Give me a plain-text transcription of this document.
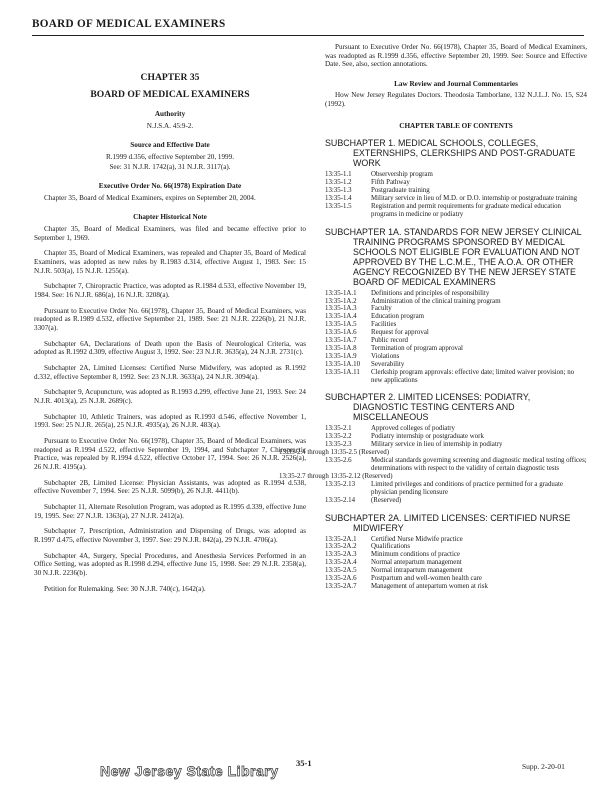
BOARD OF MEDICAL EXAMINERS
CHAPTER 35
BOARD OF MEDICAL EXAMINERS
Authority
N.J.S.A. 45:9-2.
Source and Effective Date
R.1999 d.356, effective September 20, 1999.
See: 31 N.J.R. 1742(a), 31 N.J.R. 3117(a).
Executive Order No. 66(1978) Expiration Date

Chapter 35, Board of Medical Examiners, expires on September 20, 2004.

Chapter Historical Note

Chapter 35, Board of Medical Examiners, was filed and became effective prior to September 1, 1969.

Chapter 35, Board of Medical Examiners, was repealed and Chapter 35, Board of Medical Examiners, was adopted as new rules by R.1983 d.314, effective August 1, 1983. See: 15 N.J.R. 503(a), 15 N.J.R. 1255(a).

Subchapter 7, Chiropractic Practice, was adopted as R.1984 d.533, effective November 19, 1984. See: 16 N.J.R. 686(a), 16 N.J.R. 3208(a).

Pursuant to Executive Order No. 66(1978), Chapter 35, Board of Medical Examiners, was readopted as R.1989 d.532, effective September 21, 1989. See: 21 N.J.R. 2226(b), 21 N.J.R. 3307(a).

Subchapter 6A, Declarations of Death upon the Basis of Neurological Criteria, was adopted as R.1992 d.309, effective August 3, 1992. See: 23 N.J.R. 3635(a), 24 N.J.R. 2731(c).

Subchapter 2A, Limited Licenses: Certified Nurse Midwifery, was adopted as R.1992 d.332, effective September 8, 1992. See: 23 N.J.R. 3633(a), 24 N.J.R. 3094(a).

Subchapter 9, Acupuncture, was adopted as R.1993 d.299, effective June 21, 1993. See: 24 N.J.R. 4013(a), 25 N.J.R. 2689(c).

Subchapter 10, Athletic Trainers, was adopted as R.1993 d.546, effective November 1, 1993. See: 25 N.J.R. 265(a), 25 N.J.R. 4935(a), 26 N.J.R. 483(a).

Pursuant to Executive Order No. 66(1978), Chapter 35, Board of Medical Examiners, was readopted as R.1994 d.522, effective September 19, 1994, and Subchapter 7, Chiropractic Practice, was repealed by R.1994 d.522, effective October 17, 1994. See: 26 N.J.R. 2526(a), 26 N.J.R. 4195(a).

Subchapter 2B, Limited License: Physician Assistants, was adopted as R.1994 d.538, effective November 7, 1994. See: 25 N.J.R. 5099(b), 26 N.J.R. 4411(b).

Subchapter 11, Alternate Resolution Program, was adopted as R.1995 d.339, effective June 19, 1995. See: 27 N.J.R. 1363(a), 27 N.J.R. 2412(a).

Subchapter 7, Prescription, Administration and Dispensing of Drugs, was adopted as R.1997 d.475, effective November 3, 1997. See: 29 N.J.R. 842(a), 29 N.J.R. 4706(a).

Subchapter 4A, Surgery, Special Procedures, and Anesthesia Services Performed in an Office Setting, was adopted as R.1998 d.294, effective June 15, 1998. See: 29 N.J.R. 2358(a), 30 N.J.R. 2236(b).

Petition for Rulemaking. See: 30 N.J.R. 740(c), 1642(a).

Pursuant to Executive Order No. 66(1978), Chapter 35, Board of Medical Examiners, was readopted as R.1999 d.356, effective September 20, 1999. See: Source and Effective Date. See, also, section annotations.

Law Review and Journal Commentaries

How New Jersey Regulates Doctors. Theodosia Tamborlane, 132 N.J.L.J. No. 15, S24 (1992).

CHAPTER TABLE OF CONTENTS
SUBCHAPTER 1. MEDICAL SCHOOLS, COLLEGES, EXTERNSHIPS, CLERKSHIPS AND POST-GRADUATE WORK
13:35-1.1	Observership program
13:35-1.2	Fifth Pathway
13:35-1.3	Postgraduate training
13:35-1.4	Military service in lieu of M.D. or D.O. internship or postgraduate training
13:35-1.5	Registration and permit requirements for graduate medical education programs in medicine or podiatry
SUBCHAPTER 1A. STANDARDS FOR NEW JERSEY CLINICAL TRAINING PROGRAMS SPONSORED BY MEDICAL SCHOOLS NOT ELIGIBLE FOR EVALUATION AND NOT APPROVED BY THE L.C.M.E., THE A.O.A. OR OTHER AGENCY RECOGNIZED BY THE NEW JERSEY STATE BOARD OF MEDICAL EXAMINERS
13:35-1A.1	Definitions and principles of responsibility
13:35-1A.2	Administration of the clinical training program
13:35-1A.3	Faculty
13:35-1A.4	Education program
13:35-1A.5	Facilities
13:35-1A.6	Request for approval
13:35-1A.7	Public record
13:35-1A.8	Termination of program approval
13:35-1A.9	Violations
13:35-1A.10	Severability
13:35-1A.11	Clerkship program approvals: effective date; limited waiver provision; no new applications
SUBCHAPTER 2. LIMITED LICENSES: PODIATRY, DIAGNOSTIC TESTING CENTERS AND MISCELLANEOUS
13:35-2.1	Approved colleges of podiatry
13:35-2.2	Podiatry internship or postgraduate work
13:35-2.3	Military service in lieu of internship in podiatry
13:35-2.4 through 13:35-2.5 (Reserved)	
13:35-2.6	Medical standards governing screening and diagnostic medical testing offices; determinations with respect to the validity of certain diagnostic tests
13:35-2.7 through 13:35-2.12 (Reserved)	
13:35-2.13	Limited privileges and conditions of practice permitted for a graduate physician pending licensure
13:35-2.14	(Reserved)
SUBCHAPTER 2A. LIMITED LICENSES: CERTIFIED NURSE MIDWIFERY
13:35-2A.1	Certified Nurse Midwife practice
13:35-2A.2	Qualifications
13:35-2A.3	Minimum conditions of practice
13:35-2A.4	Normal antepartum management
13:35-2A.5	Normal intrapartum management
13:35-2A.6	Postpartum and well-women health care
13:35-2A.7	Management of antepartum women at risk
New Jersey State Library 35-1	Supp. 2-20-01
